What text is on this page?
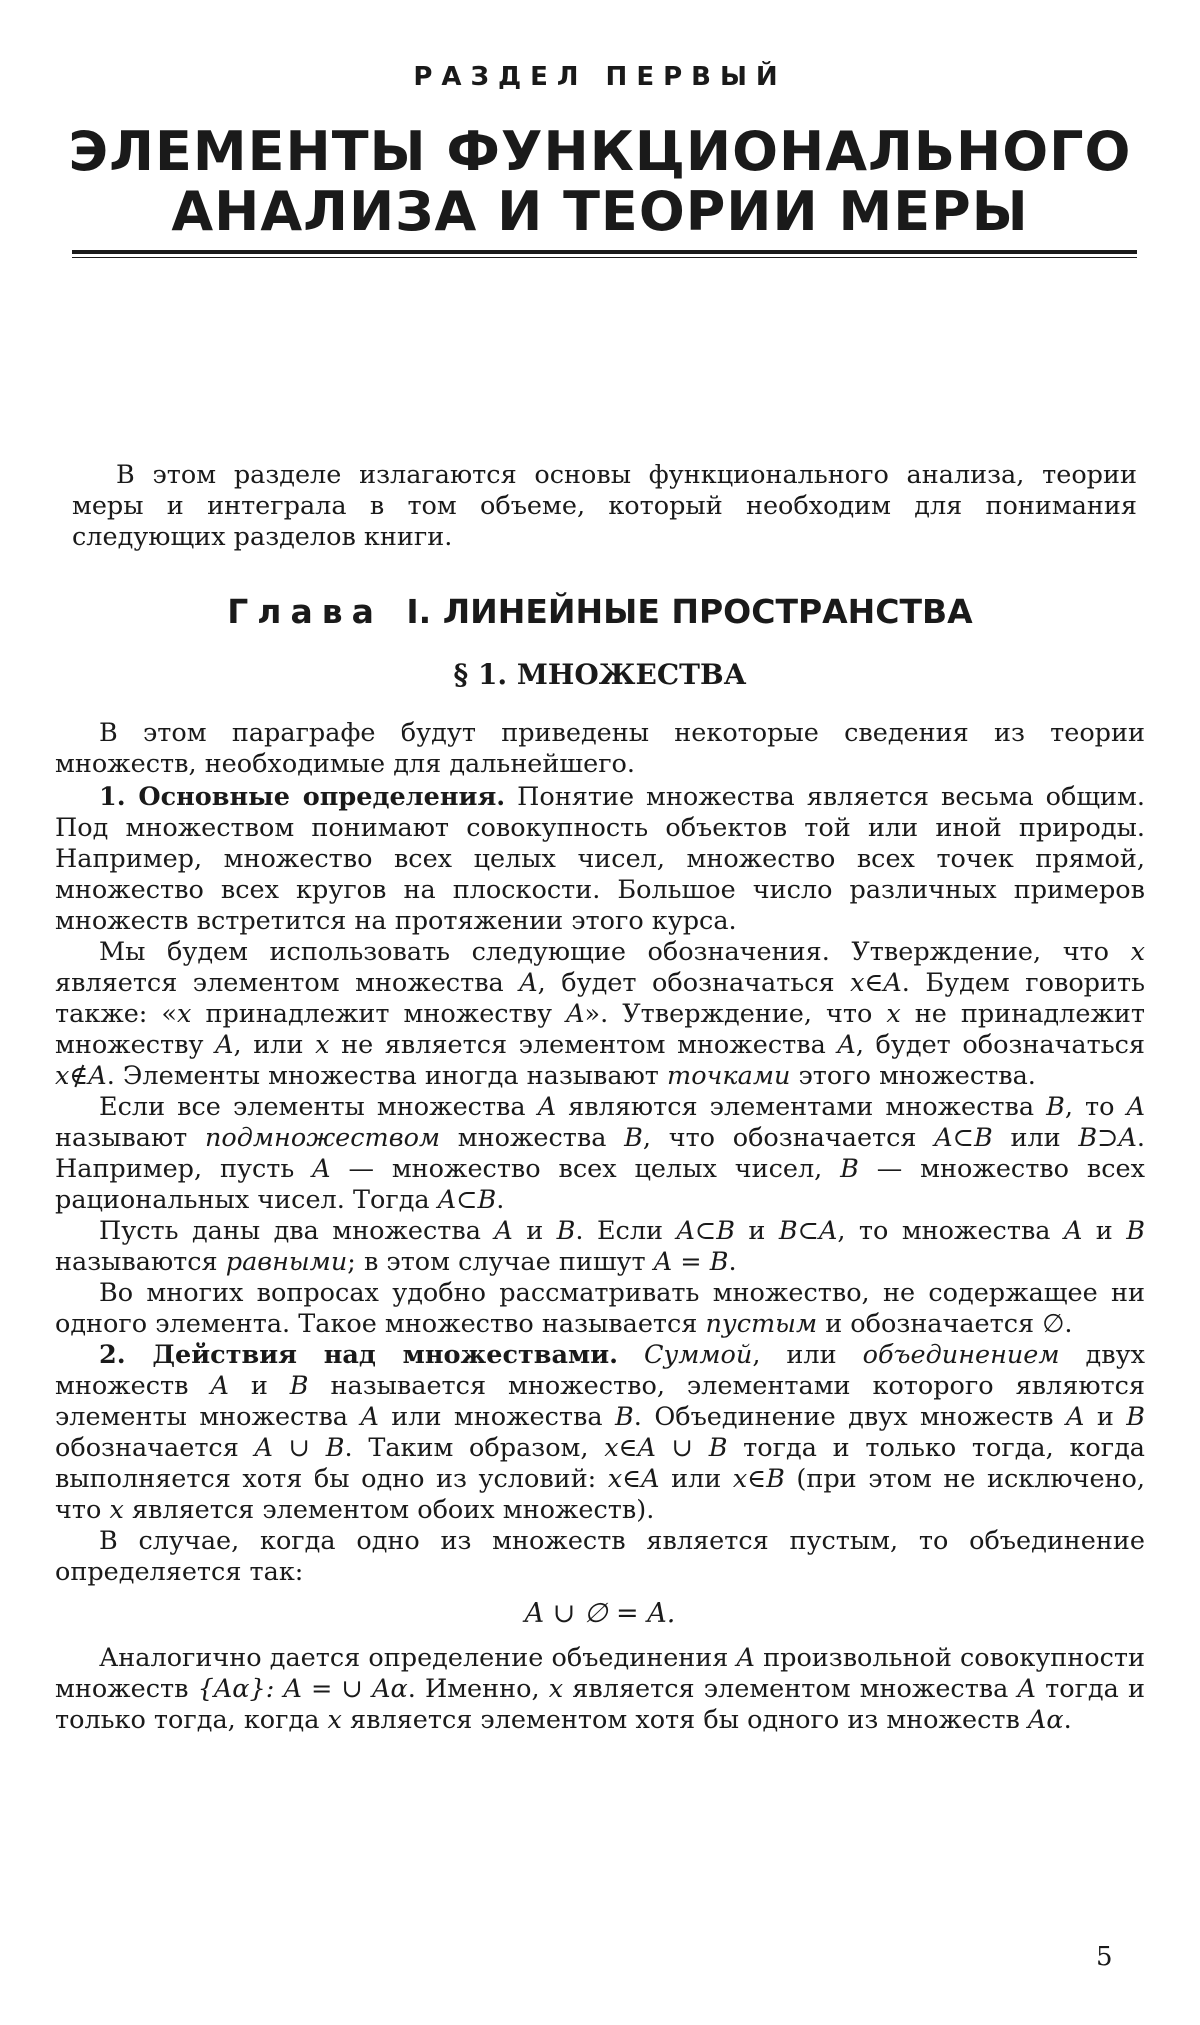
РАЗДЕЛ ПЕРВЫЙ
ЭЛЕМЕНТЫ ФУНКЦИОНАЛЬНОГО
АНАЛИЗА И ТЕОРИИ МЕРЫ
В этом разделе излагаются основы функционального анализа, теории меры и интеграла в том объеме, который необходим для понимания следующих разделов книги.
Глава I. ЛИНЕЙНЫЕ ПРОСТРАНСТВА
§ 1. МНОЖЕСТВА

В этом параграфе будут приведены некоторые сведения из теории множеств, необходимые для дальнейшего.

1. Основные определения. Понятие множества является весьма общим. Под множеством понимают совокупность объектов той или иной природы. Например, множество всех целых чисел, множество всех точек прямой, множество всех кругов на плоскости. Большое число различных примеров множеств встретится на протяжении этого курса.

Мы будем использовать следующие обозначения. Утверждение, что x является элементом множества A, будет обозначаться x∈A. Будем говорить также: «x принадлежит множеству A». Утверждение, что x не принадлежит множеству A, или x не является элементом множества A, будет обозначаться x∉A. Элементы множества иногда называют точками этого множества.

Если все элементы множества A являются элементами множества B, то A называют подмножеством множества B, что обозначается A⊂B или B⊃A. Например, пусть A — множество всех целых чисел, B — множество всех рациональных чисел. Тогда A⊂B.

Пусть даны два множества A и B. Если A⊂B и B⊂A, то множества A и B называются равными; в этом случае пишут A = B.

Во многих вопросах удобно рассматривать множество, не содержащее ни одного элемента. Такое множество называется пустым и обозначается ∅.

2. Действия над множествами. Суммой, или объединением двух множеств A и B называется множество, элементами которого являются элементы множества A или множества B. Объединение двух множеств A и B обозначается A ∪ B. Таким образом, x∈A ∪ B тогда и только тогда, когда выполняется хотя бы одно из условий: x∈A или x∈B (при этом не исключено, что x является элементом обоих множеств).

В случае, когда одно из множеств является пустым, то объединение определяется так:

A ∪ ∅ = A.

Аналогично дается определение объединения A произвольной совокупности множеств {Aα}: A = ∪ Aα. Именно, x является элементом множества A тогда и только тогда, когда x является элементом хотя бы одного из множеств Aα.

5
